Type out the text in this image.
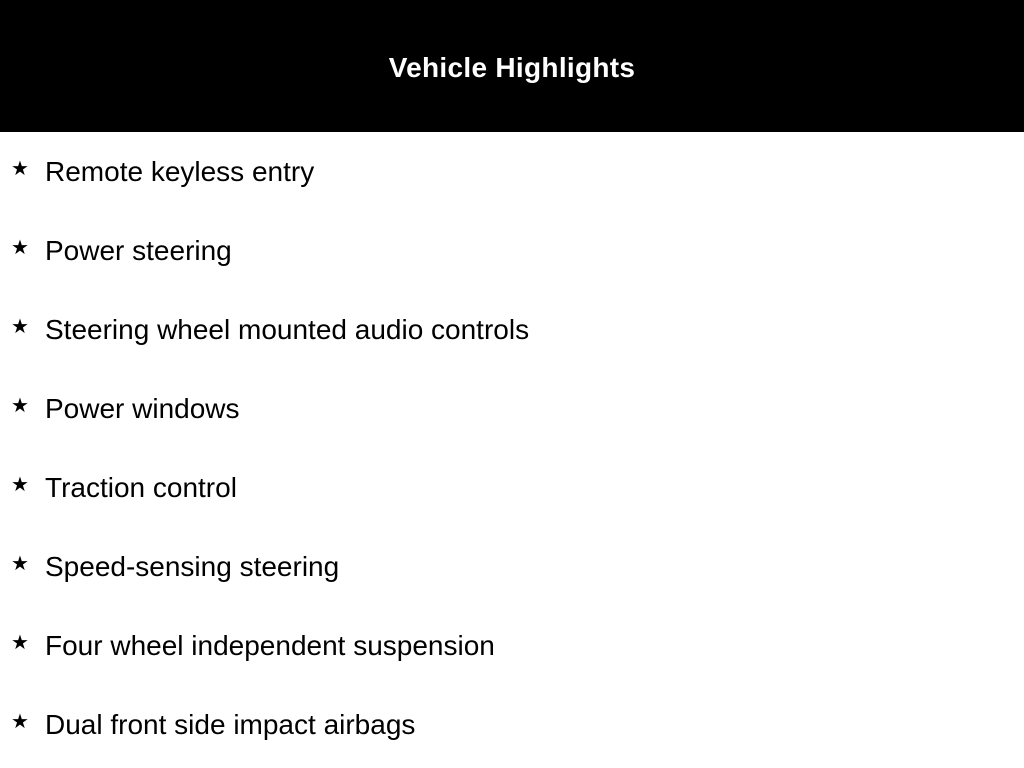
Vehicle Highlights
★ Remote keyless entry
★ Power steering
★ Steering wheel mounted audio controls
★ Power windows
★ Traction control
★ Speed-sensing steering
★ Four wheel independent suspension
★ Dual front side impact airbags
